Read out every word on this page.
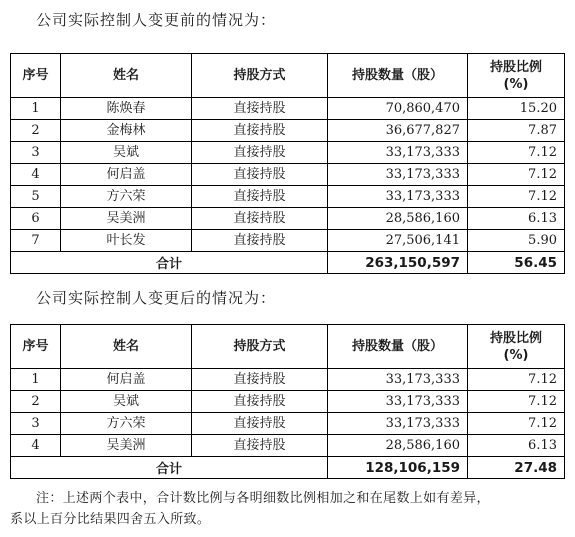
公司实际控制人变更前的情况为：
序号	姓名	持股方式	持股数量（股）	持股比例
(%)

1	陈焕春	直接持股	70,860,470	15.20
2	金梅林	直接持股	36,677,827	7.87
3	吴斌	直接持股	33,173,333	7.12
4	何启盖	直接持股	33,173,333	7.12
5	方六荣	直接持股	33,173,333	7.12
6	吴美洲	直接持股	28,586,160	6.13
7	叶长发	直接持股	27,506,141	5.90
合计			263,150,597	56.45
公司实际控制人变更后的情况为：
序号	姓名	持股方式	持股数量（股）	持股比例
(%)

1	何启盖	直接持股	33,173,333	7.12
2	吴斌	直接持股	33,173,333	7.12
3	方六荣	直接持股	33,173,333	7.12
4	吴美洲	直接持股	28,586,160	6.13
合计			128,106,159	27.48
注：上述两个表中，合计数比例与各明细数比例相加之和在尾数上如有差异，
系以上百分比结果四舍五入所致。
